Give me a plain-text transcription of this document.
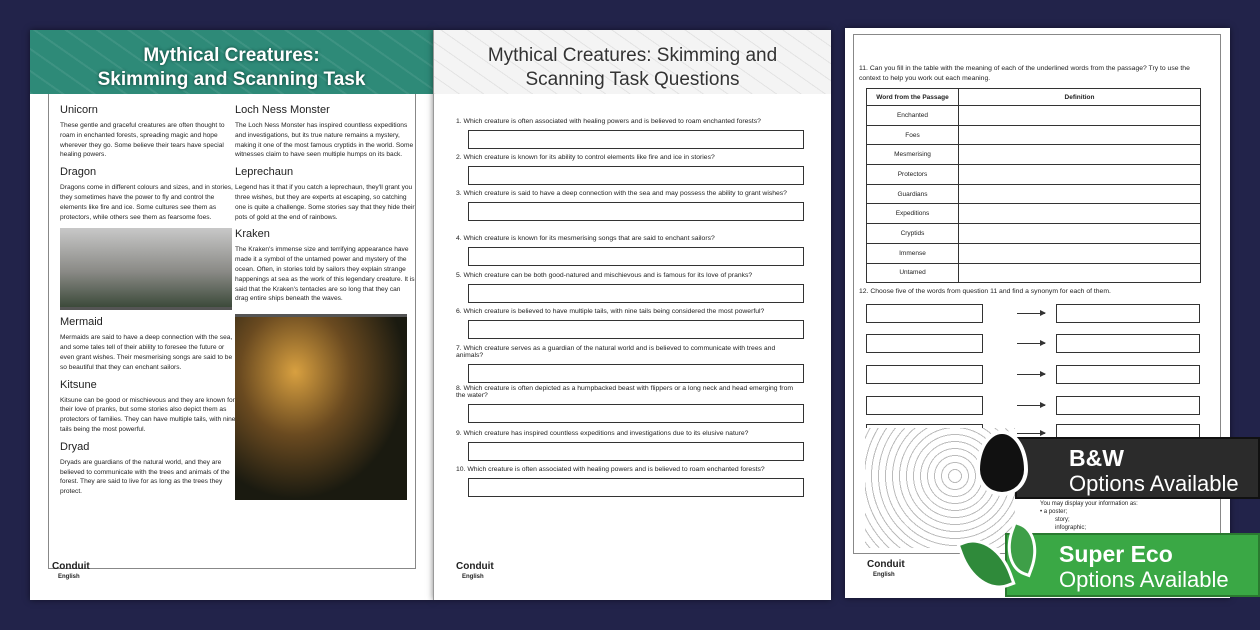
Mythical Creatures:
Skimming and Scanning Task
Unicorn

These gentle and graceful creatures are often thought to roam in enchanted forests, spreading magic and hope wherever they go. Some believe their tears have special healing powers.

Dragon

Dragons come in different colours and sizes, and in stories, they sometimes have the power to fly and control the elements like fire and ice. Some cultures see them as protectors, while others see them as fearsome foes.

Mermaid

Mermaids are said to have a deep connection with the sea, and some tales tell of their ability to foresee the future or even grant wishes. Their mesmerising songs are said to be so beautiful that they can enchant sailors.

Kitsune

Kitsune can be good or mischievous and they are known for their love of pranks, but some stories also depict them as protectors of families. They can have multiple tails, with nine tails being the most powerful.

Dryad

Dryads are guardians of the natural world, and they are believed to communicate with the trees and animals of the forest. They are said to live for as long as the trees they protect.

Loch Ness Monster

The Loch Ness Monster has inspired countless expeditions and investigations, but its true nature remains a mystery, making it one of the most famous cryptids in the world. Some witnesses claim to have seen multiple humps on its back.

Leprechaun

Legend has it that if you catch a leprechaun, they'll grant you three wishes, but they are experts at escaping, so catching one is quite a challenge. Some stories say that they hide their pots of gold at the end of rainbows.

Kraken

The Kraken's immense size and terrifying appearance have made it a symbol of the untamed power and mystery of the ocean. Often, in stories told by sailors they explain strange happenings at sea as the work of this legendary creature. It is said that the Kraken's tentacles are so long that they can drag entire ships beneath the waves.

Conduit
English
Mythical Creatures: Skimming and
Scanning Task Questions

1. Which creature is often associated with healing powers and is believed to roam enchanted forests?

2. Which creature is known for its ability to control elements like fire and ice in stories?

3. Which creature is said to have a deep connection with the sea and may possess the ability to grant wishes?

4. Which creature is known for its mesmerising songs that are said to enchant sailors?

5. Which creature can be both good-natured and mischievous and is famous for its love of pranks?

6. Which creature is believed to have multiple tails, with nine tails being considered the most powerful?

7. Which creature serves as a guardian of the natural world and is believed to communicate with trees and animals?

8. Which creature is often depicted as a humpbacked beast with flippers or a long neck and head emerging from the water?

9. Which creature has inspired countless expeditions and investigations due to its elusive nature?

10. Which creature is often associated with healing powers and is believed to roam enchanted forests?

Conduit
English

11. Can you fill in the table with the meaning of each of the underlined words from the passage? Try to use the context to help you work out each meaning.

Word from the Passage	Definition
Enchanted	
Foes	
Mesmerising	
Protectors	
Guardians	
Expeditions	
Cryptids	
Immense	
Untamed	

12. Choose five of the words from question 11 and find a synonym for each of them.

You may display your information as:

• a poster;

story;

infographic;

Conduit
English
B&W
Options Available
Super Eco
Options Available
